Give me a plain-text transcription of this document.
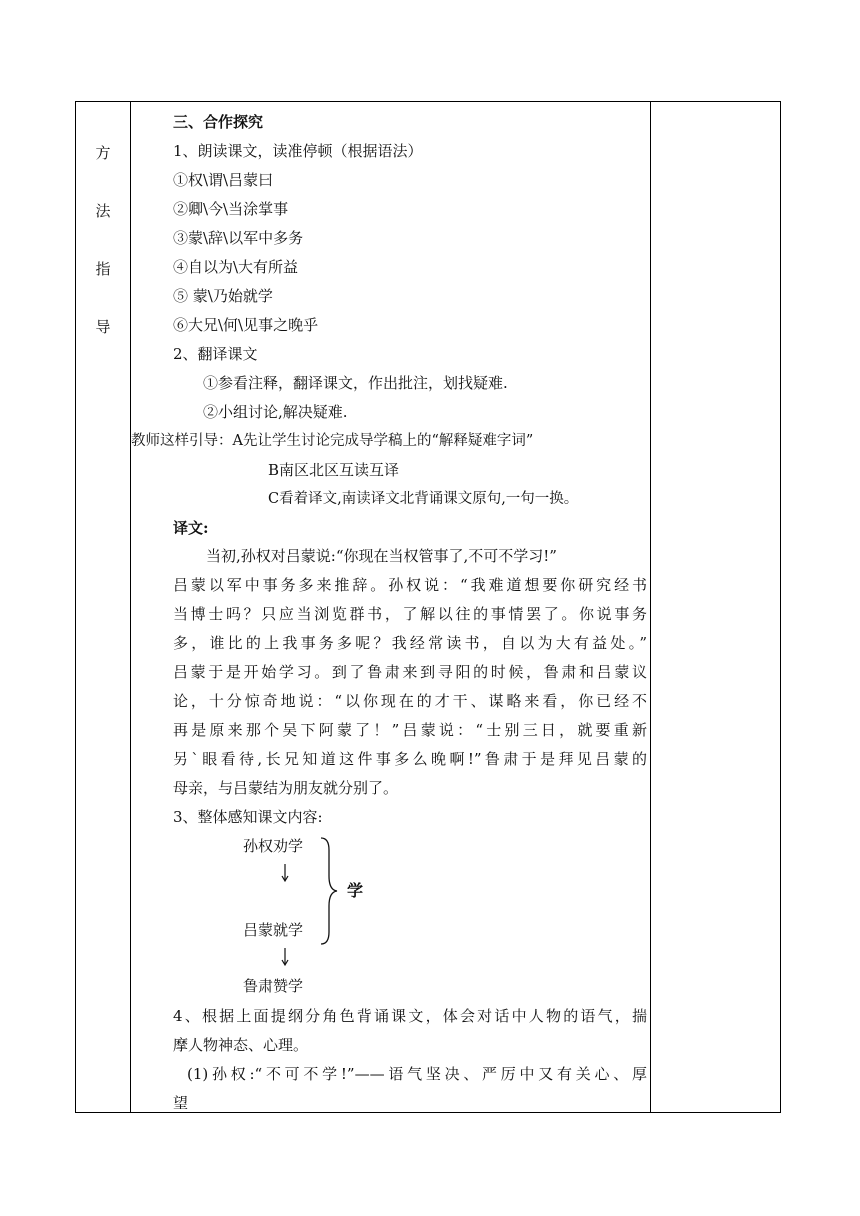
方
法
指
导
三、合作探究
1、朗读课文，读准停顿（根据语法）
①权\谓\吕蒙曰
②卿\今\当涂掌事
③蒙\辞\以军中多务
④自以为\大有所益
⑤ 蒙\乃始就学
⑥大兄\何\见事之晚乎
2、翻译课文
①参看注释，翻译课文，作出批注，划找疑难.
②小组讨论,解决疑难.
教师这样引导：A先让学生讨论完成导学稿上的“解释疑难字词”
B南区北区互读互译
C看着译文,南读译文北背诵课文原句,一句一换。
译文:
当初,孙权对吕蒙说:“你现在当权管事了,不可不学习!”
吕蒙以军中事务多来推辞。孙权说：“我难道想要你研究经书
当博士吗？只应当浏览群书，了解以往的事情罢了。你说事务
多，谁比的上我事务多呢？我经常读书，自以为大有益处。”
吕蒙于是开始学习。到了鲁肃来到寻阳的时候，鲁肃和吕蒙议
论，十分惊奇地说：“以你现在的才干、谋略来看，你已经不
再是原来那个吴下阿蒙了！”吕蒙说：“士别三日，就要重新
另`眼看待,长兄知道这件事多么晚啊!”鲁肃于是拜见吕蒙的
母亲，与吕蒙结为朋友就分别了。
3、整体感知课文内容:
孙权劝学
吕蒙就学
鲁肃赞学
学
4、根据上面提纲分角色背诵课文，体会对话中人物的语气，揣
摩人物神态、心理。
(1)孙权:“不可不学!”——语气坚决、严厉中又有关心、厚
望
